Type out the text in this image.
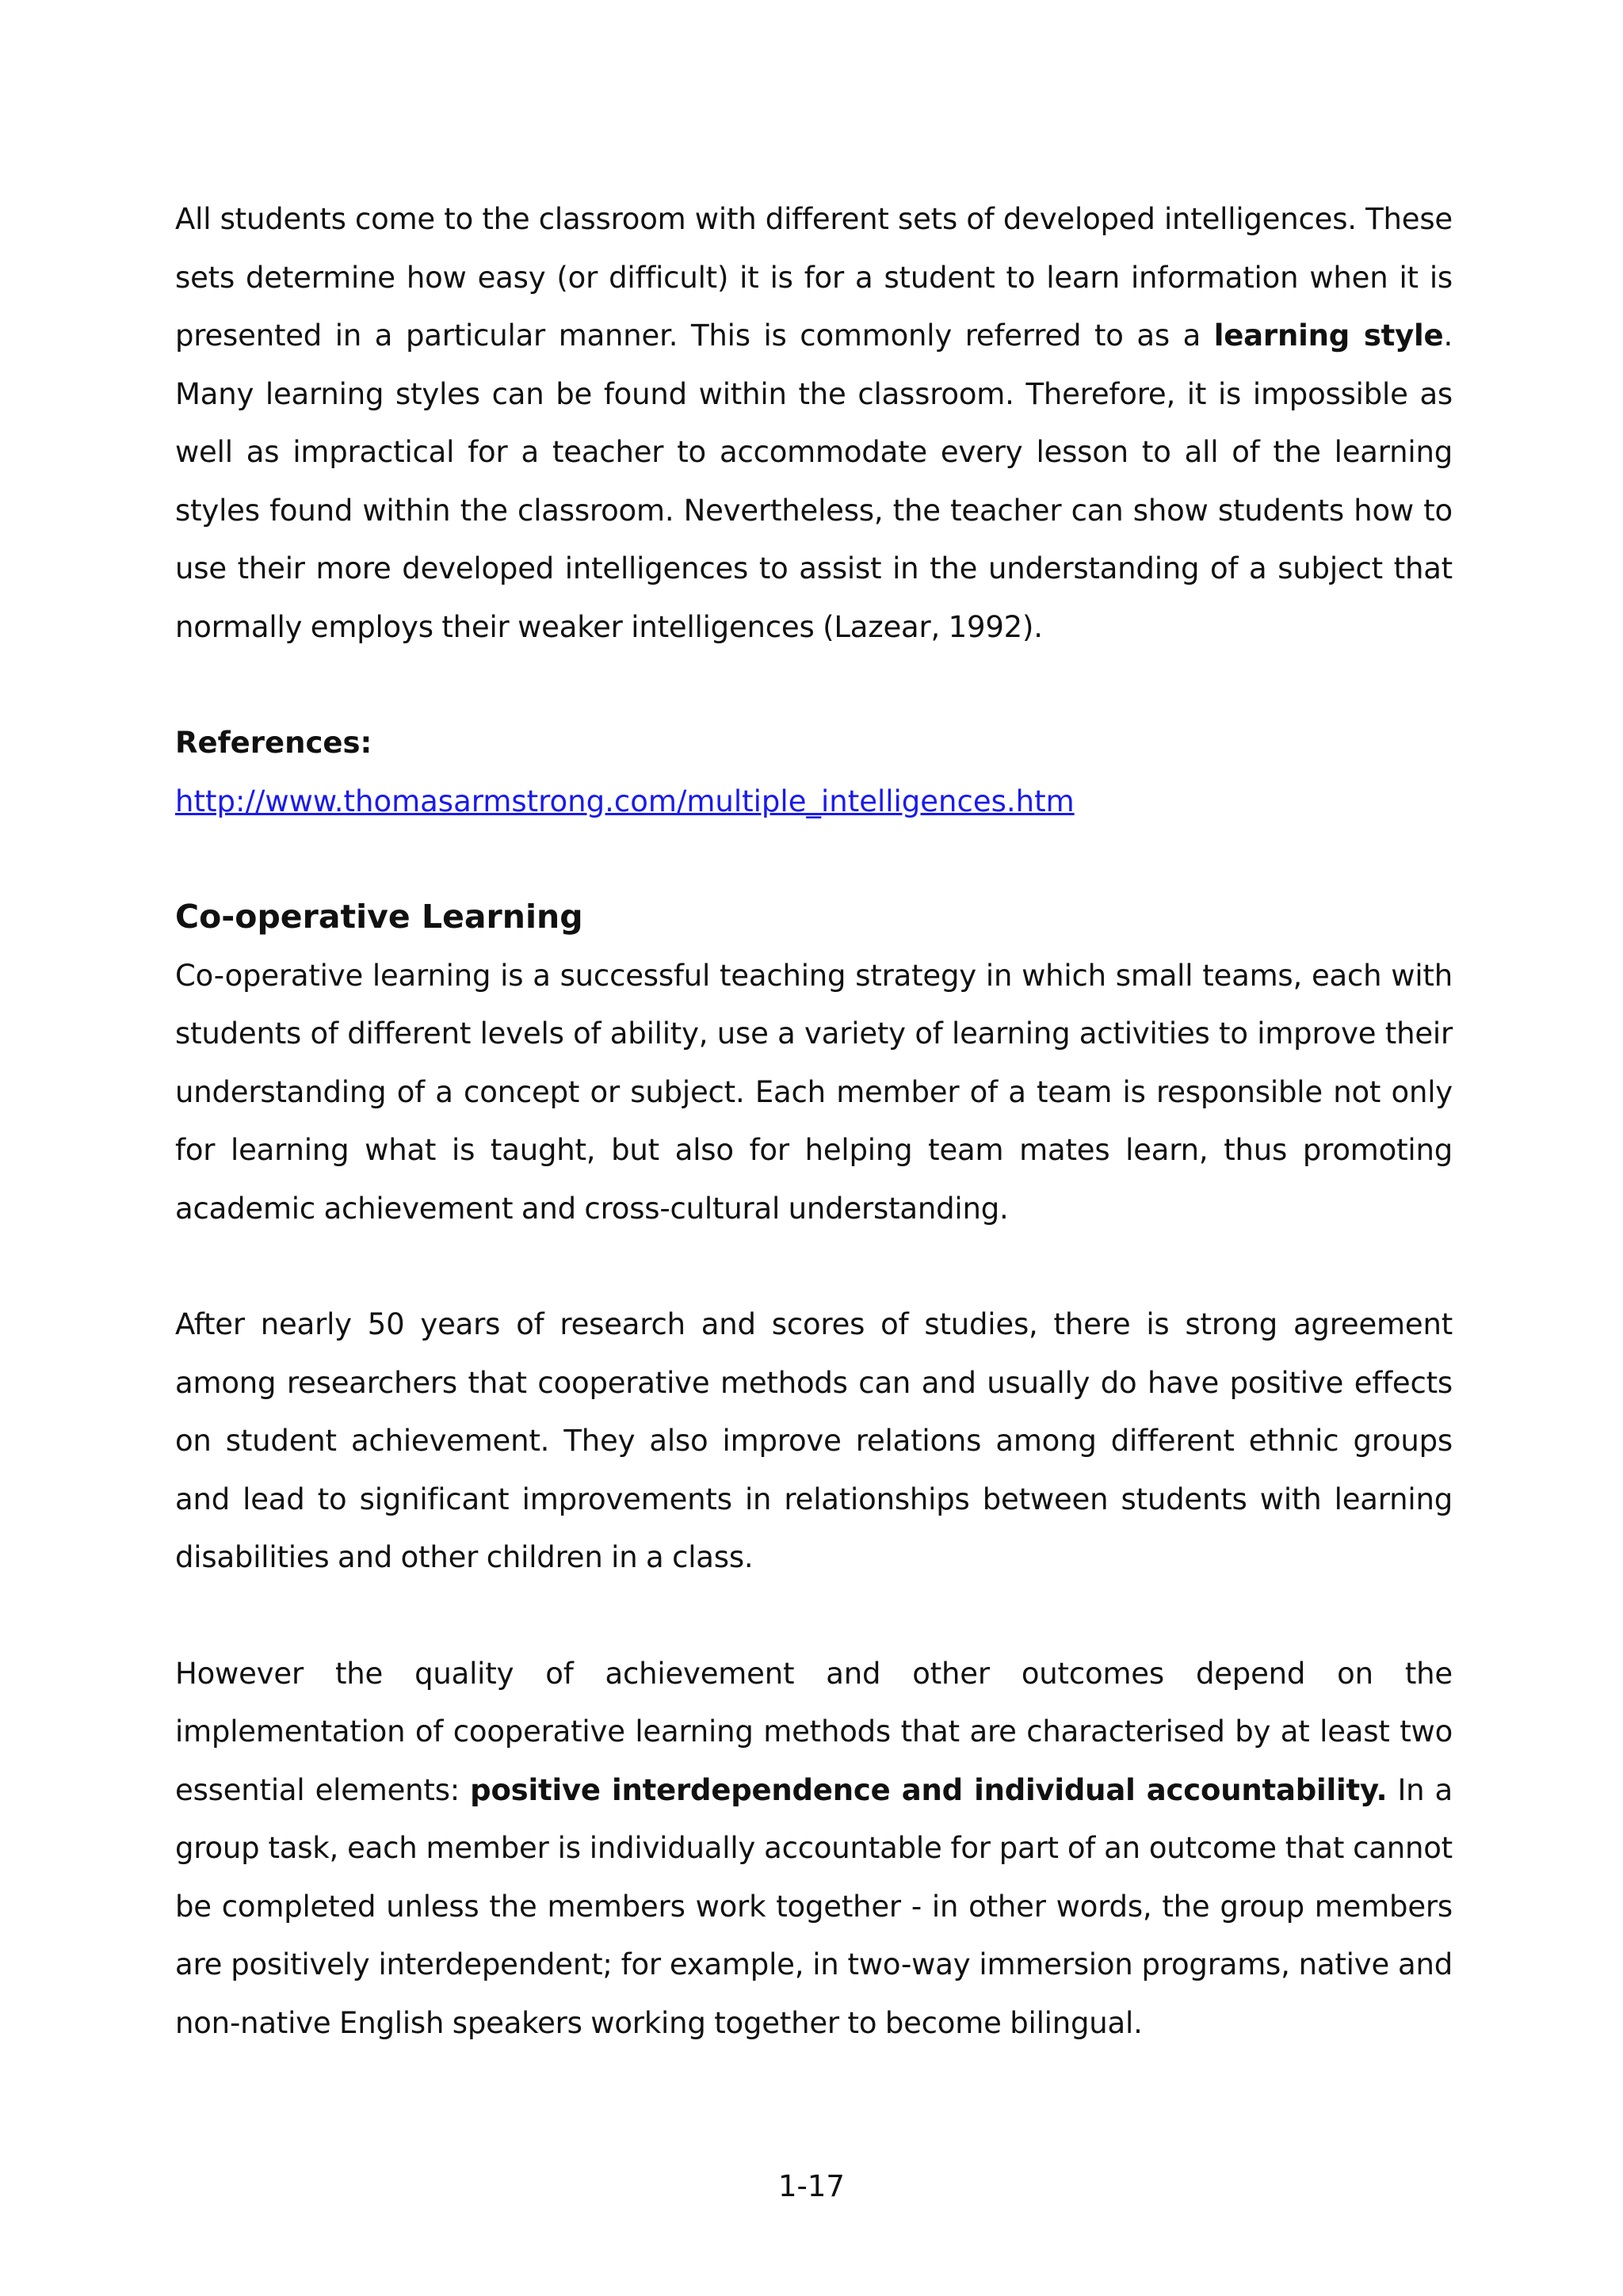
All students come to the classroom with different sets of developed intelligences. These sets determine how easy (or difficult) it is for a student to learn information when it is presented in a particular manner. This is commonly referred to as a learning style. Many learning styles can be found within the classroom. Therefore, it is impossible as well as impractical for a teacher to accommodate every lesson to all of the learning styles found within the classroom. Nevertheless, the teacher can show students how to use their more developed intelligences to assist in the understanding of a subject that normally employs their weaker intelligences (Lazear, 1992).

References:
http://www.thomasarmstrong.com/multiple_intelligences.htm
Co-operative Learning

Co-operative learning is a successful teaching strategy in which small teams, each with students of different levels of ability, use a variety of learning activities to improve their understanding of a concept or subject. Each member of a team is responsible not only for learning what is taught, but also for helping team mates learn, thus promoting academic achievement and cross-cultural understanding.

After nearly 50 years of research and scores of studies, there is strong agreement among researchers that cooperative methods can and usually do have positive effects on student achievement. They also improve relations among different ethnic groups and lead to significant improvements in relationships between students with learning disabilities and other children in a class.

However the quality of achievement and other outcomes depend on the implementation of cooperative learning methods that are characterised by at least two essential elements: positive interdependence and individual accountability. In a group task, each member is individually accountable for part of an outcome that cannot be completed unless the members work together - in other words, the group members are positively interdependent; for example, in two-way immersion programs, native and non-native English speakers working together to become bilingual.

1-17
